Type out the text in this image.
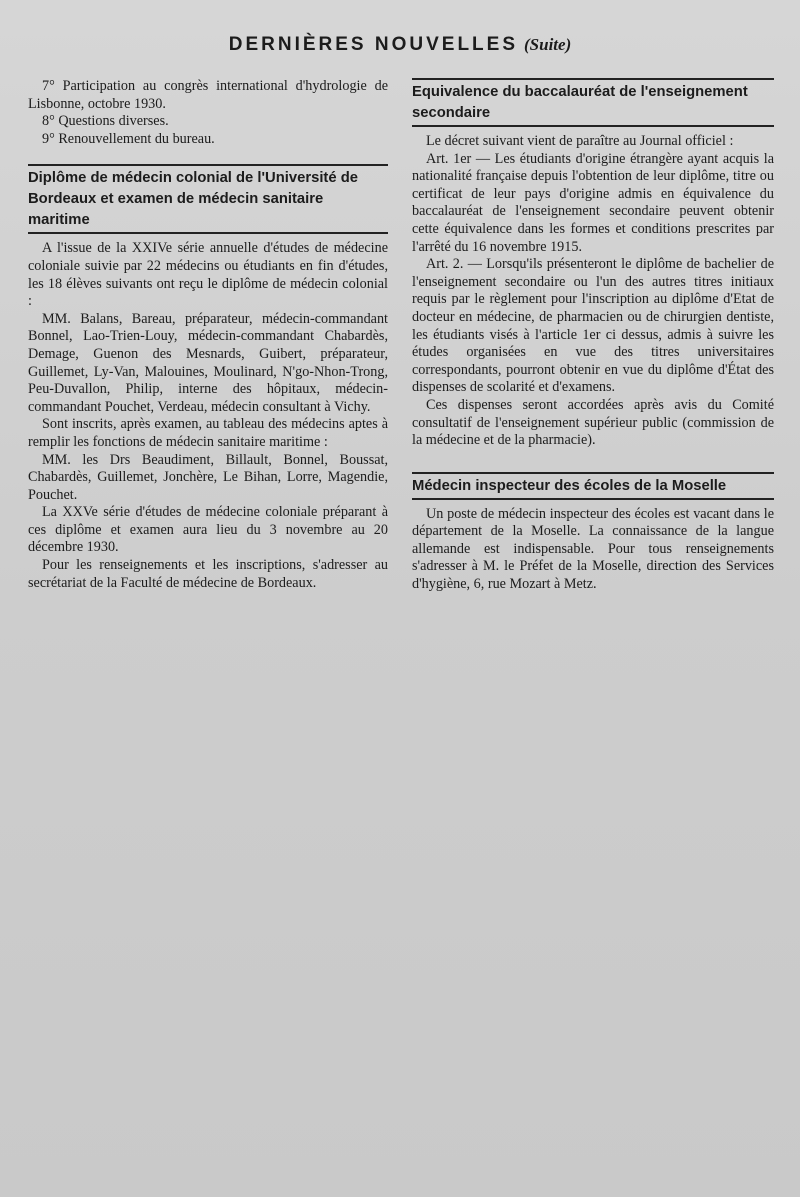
DERNIÈRES NOUVELLES (Suite)

7° Participation au congrès international d'hydrologie de Lisbonne, octobre 1930.

8° Questions diverses.

9° Renouvellement du bureau.

Diplôme de médecin colonial de l'Université de Bordeaux et examen de médecin sanitaire maritime

A l'issue de la XXIVe série annuelle d'études de médecine coloniale suivie par 22 médecins ou étudiants en fin d'études, les 18 élèves suivants ont reçu le diplôme de médecin colonial :

MM. Balans, Bareau, préparateur, médecin-commandant Bonnel, Lao-Trien-Louy, médecin-commandant Chabardès, Demage, Guenon des Mesnards, Guibert, préparateur, Guillemet, Ly-Van, Malouines, Moulinard, N'go-Nhon-Trong, Peu-Duvallon, Philip, interne des hôpitaux, médecin-commandant Pouchet, Verdeau, médecin consultant à Vichy.

Sont inscrits, après examen, au tableau des médecins aptes à remplir les fonctions de médecin sanitaire maritime :

MM. les Drs Beaudiment, Billault, Bonnel, Boussat, Chabardès, Guillemet, Jonchère, Le Bihan, Lorre, Magendie, Pouchet.

La XXVe série d'études de médecine coloniale préparant à ces diplôme et examen aura lieu du 3 novembre au 20 décembre 1930.

Pour les renseignements et les inscriptions, s'adresser au secrétariat de la Faculté de médecine de Bordeaux.

Equivalence du baccalauréat de l'enseignement secondaire

Le décret suivant vient de paraître au Journal officiel :

Art. 1er — Les étudiants d'origine étrangère ayant acquis la nationalité française depuis l'obtention de leur diplôme, titre ou certificat de leur pays d'origine admis en équivalence du baccalauréat de l'enseignement secondaire peuvent obtenir cette équivalence dans les formes et conditions prescrites par l'arrêté du 16 novembre 1915.

Art. 2. — Lorsqu'ils présenteront le diplôme de bachelier de l'enseignement secondaire ou l'un des autres titres initiaux requis par le règlement pour l'inscription au diplôme d'Etat de docteur en médecine, de pharmacien ou de chirurgien dentiste, les étudiants visés à l'article 1er ci dessus, admis à suivre les études organisées en vue des titres universitaires correspondants, pourront obtenir en vue du diplôme d'État des dispenses de scolarité et d'examens.

Ces dispenses seront accordées après avis du Comité consultatif de l'enseignement supérieur public (commission de la médecine et de la pharmacie).

Médecin inspecteur des écoles de la Moselle

Un poste de médecin inspecteur des écoles est vacant dans le département de la Moselle. La connaissance de la langue allemande est indispensable. Pour tous renseignements s'adresser à M. le Préfet de la Moselle, direction des Services d'hygiène, 6, rue Mozart à Metz.
